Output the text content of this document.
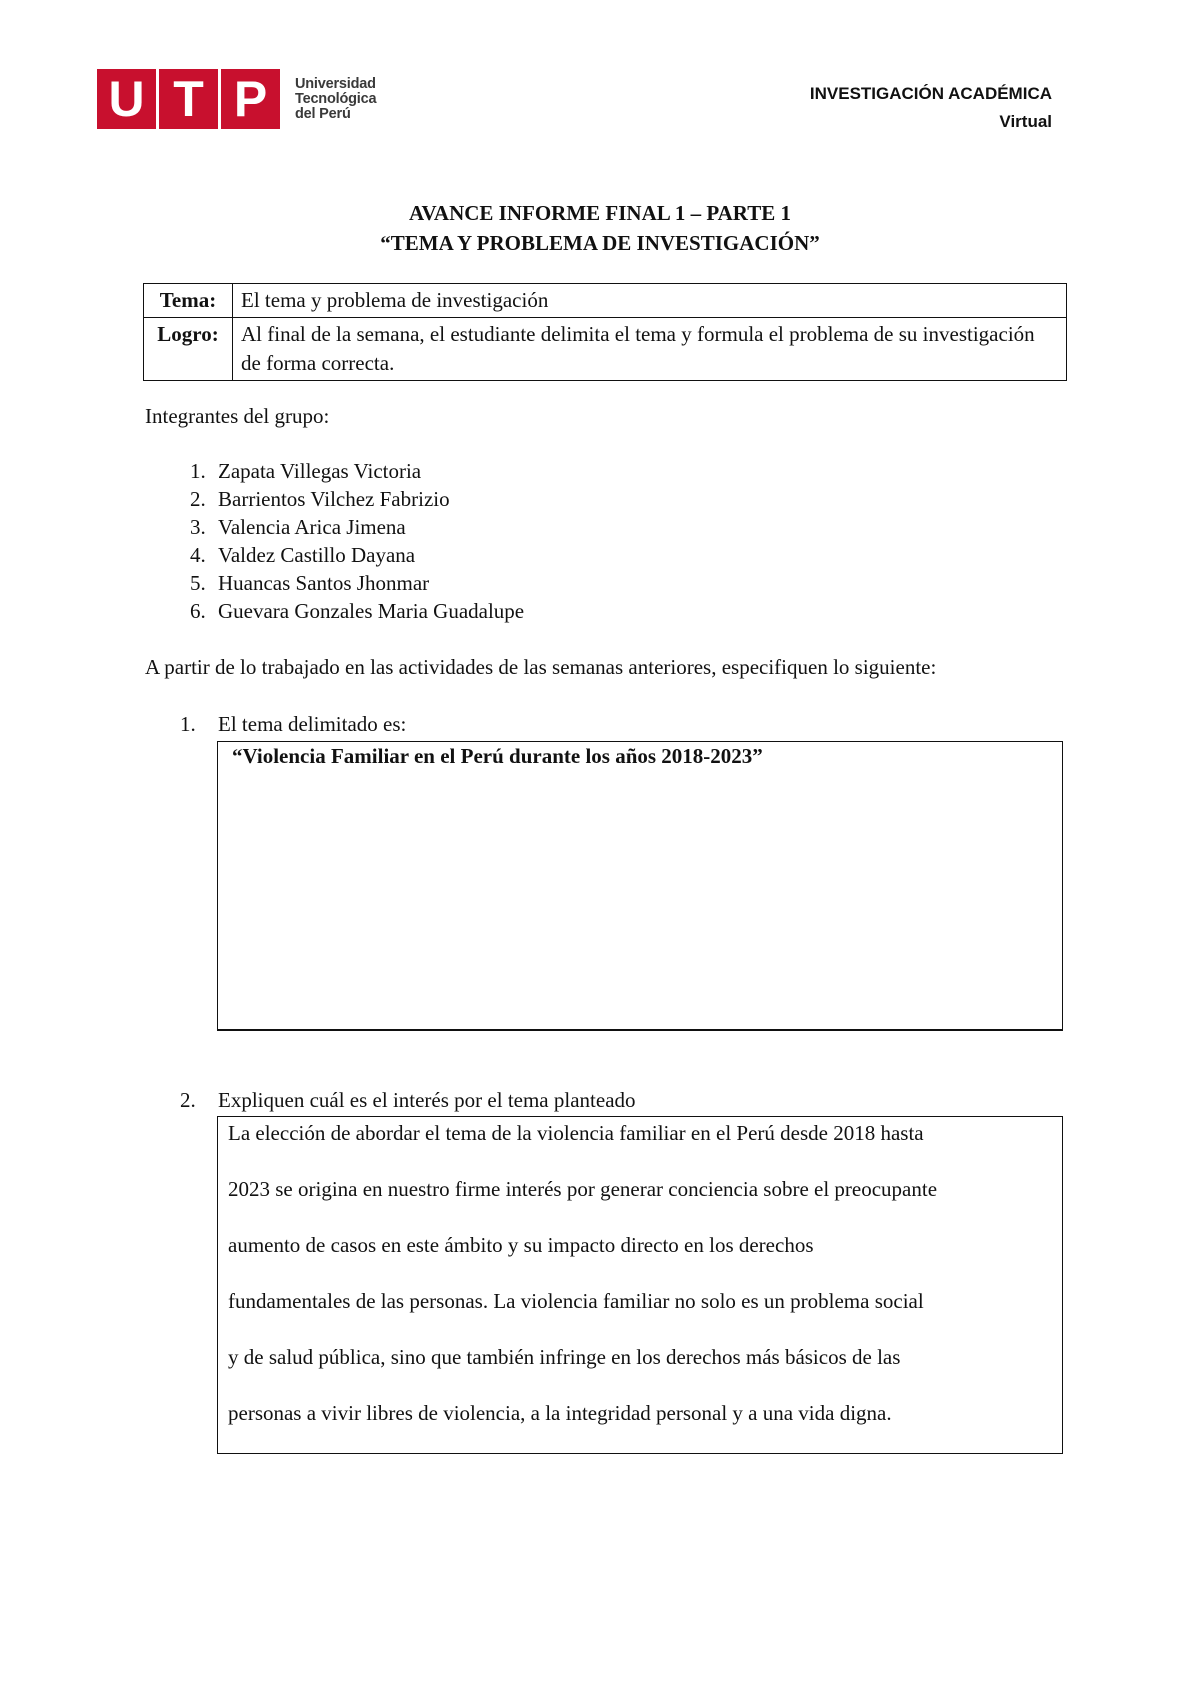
U T P	Universidad
Tecnológica
del Perú
INVESTIGACIÓN ACADÉMICA
Virtual
AVANCE INFORME FINAL 1 – PARTE 1
“TEMA Y PROBLEMA DE INVESTIGACIÓN”
Tema:	El tema y problema de investigación
Logro:	Al final de la semana, el estudiante delimita el tema y formula el problema de su investigación de forma correcta.
Integrantes del grupo:
1. Zapata Villegas Victoria
2. Barrientos Vilchez Fabrizio
3. Valencia Arica Jimena
4. Valdez Castillo Dayana
5. Huancas Santos Jhonmar
6. Guevara Gonzales Maria Guadalupe
A partir de lo trabajado en las actividades de las semanas anteriores, especifiquen lo siguiente:
1. El tema delimitado es:
“Violencia Familiar en el Perú durante los años 2018-2023”
2. Expliquen cuál es el interés por el tema planteado
La elección de abordar el tema de la violencia familiar en el Perú desde 2018 hasta
2023 se origina en nuestro firme interés por generar conciencia sobre el preocupante
aumento de casos en este ámbito y su impacto directo en los derechos
fundamentales de las personas. La violencia familiar no solo es un problema social
y de salud pública, sino que también infringe en los derechos más básicos de las
personas a vivir libres de violencia, a la integridad personal y a una vida digna.
